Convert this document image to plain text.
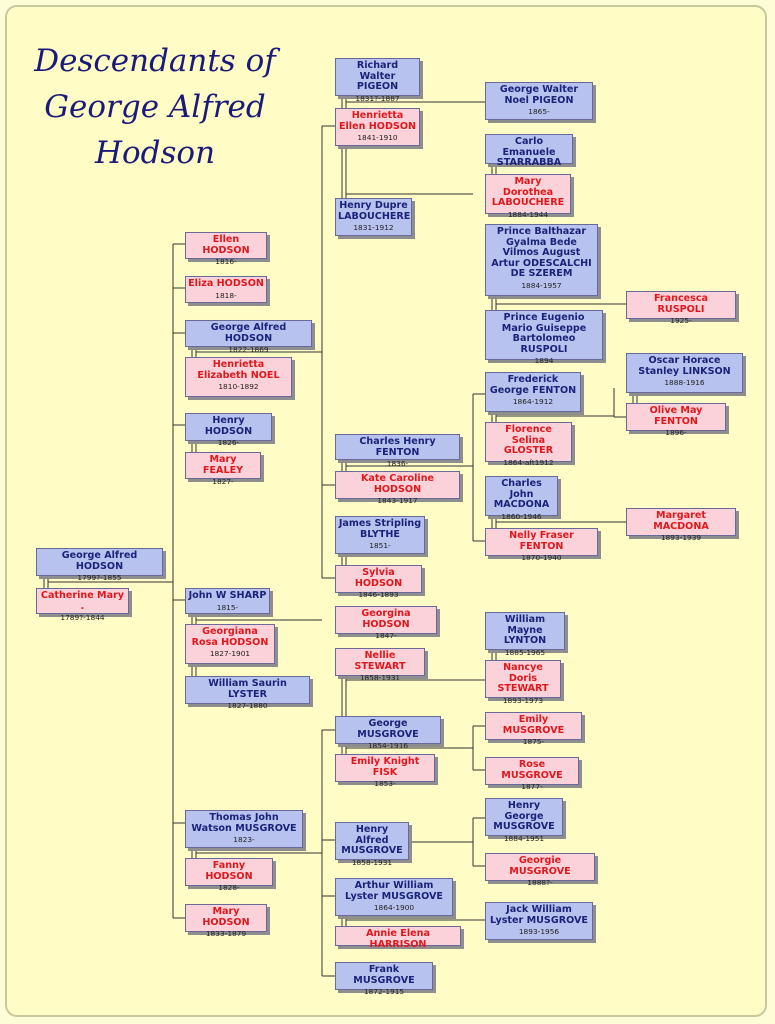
Descendants of
George Alfred
Hodson
George Alfred HODSON
1799?-1855
Catherine Mary .
1789?-1844
Ellen HODSON
1816-
Eliza HODSON
1818-
George Alfred HODSON
1822-1869
Henrietta Elizabeth NOEL
1810-1892
Henry HODSON
1826-
Mary FEALEY
1827-
John W SHARP
1815-
Georgiana Rosa HODSON
1827-1901
William Saurin LYSTER
1827-1880
Thomas John Watson MUSGROVE
1823-
Fanny HODSON
1828-
Mary HODSON
1833-1879
Richard Walter PIGEON
1831?-1887
Henrietta Ellen HODSON
1841-1910
Henry Dupre LABOUCHERE
1831-1912
Charles Henry FENTON
1836-
Kate Caroline HODSON
1843-1917
James Stripling BLYTHE
1851-
Sylvia HODSON
1846-1893
Georgina HODSON
1847-
Nellie STEWART
1858-1931
George MUSGROVE
1854-1916
Emily Knight FISK
1853-
Henry Alfred MUSGROVE
1858-1931
Arthur William Lyster MUSGROVE
1864-1900
Annie Elena HARRISON
Frank MUSGROVE
1872-1915
George Walter Noel PIGEON
1865-
Carlo Emanuele STARRABBA
Mary Dorothea LABOUCHERE
1884-1944
Prince Balthazar Gyalma Bede Vilmos August Artur ODESCALCHI DE SZEREM
1884-1957
Prince Eugenio Mario Guiseppe Bartolomeo RUSPOLI
1894
Frederick George FENTON
1864-1912
Florence Selina GLOSTER
1864-aft1912
Charles John MACDONA
1860-1946
Nelly Fraser FENTON
1870-1940
William Mayne LYNTON
1885-1965
Nancye Doris STEWART
1893-1973
Emily MUSGROVE
1875-
Rose MUSGROVE
1877-
Henry George MUSGROVE
1884-1951
Georgie MUSGROVE
1888?-
Jack William Lyster MUSGROVE
1893-1956
Francesca RUSPOLI
1925-
Oscar Horace Stanley LINKSON
1888-1916
Olive May FENTON
1896-
Margaret MACDONA
1893-1939
